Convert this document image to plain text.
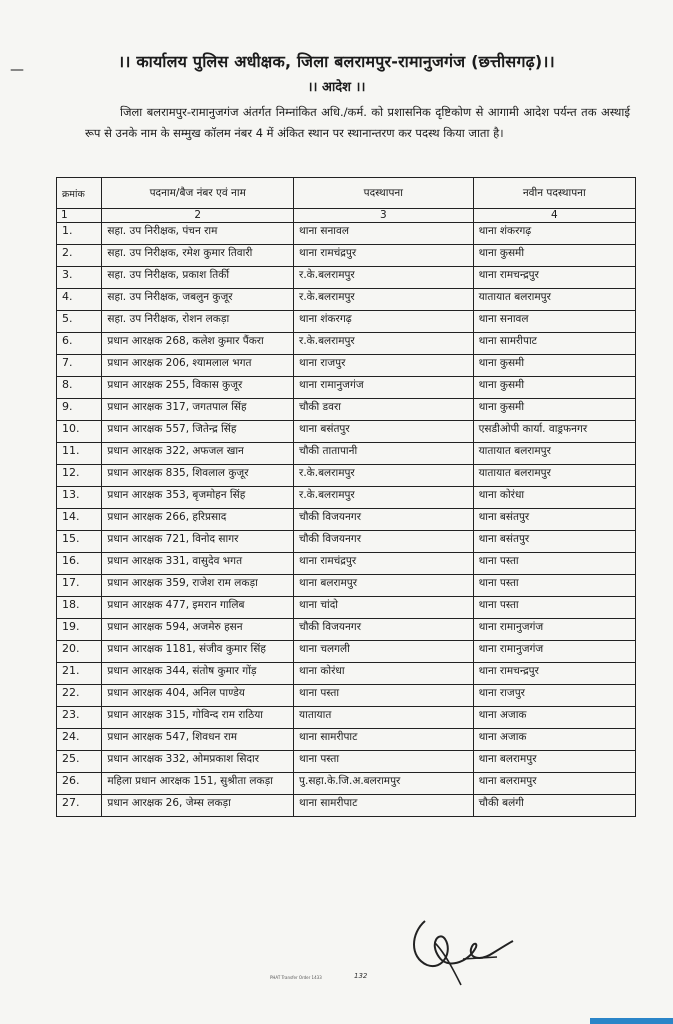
—	।। कार्यालय पुलिस अधीक्षक, जिला बलरामपुर-रामानुजगंज (छत्तीसगढ़)।।
।। आदेश ।।
जिला बलरामपुर-रामानुजगंज अंतर्गत निम्नांकित अधि./कर्म. को प्रशासनिक दृष्टिकोण से आगामी आदेश पर्यन्त तक अस्थाई रूप से उनके नाम के सम्मुख कॉलम नंबर 4 में अंकित स्थान पर स्थानान्तरण कर पदस्थ किया जाता है।
क्रमांक	पदनाम/बैज नंबर एवं नाम	पदस्थापना	नवीन पदस्थापना
1	2	3	4
1.	सहा. उप निरीक्षक, पंचन राम	थाना सनावल	थाना शंकरगढ़
2.	सहा. उप निरीक्षक, रमेश कुमार तिवारी	थाना रामचंद्रपुर	थाना कुसमी
3.	सहा. उप निरीक्षक, प्रकाश तिर्की	र.के.बलरामपुर	थाना रामचन्द्रपुर
4.	सहा. उप निरीक्षक, जबलुन कुजूर	र.के.बलरामपुर	यातायात बलरामपुर
5.	सहा. उप निरीक्षक, रोशन लकड़ा	थाना शंकरगढ़	थाना सनावल
6.	प्रधान आरक्षक 268, कलेश कुमार पैंकरा	र.के.बलरामपुर	थाना सामरीपाट
7.	प्रधान आरक्षक 206, श्यामलाल भगत	थाना राजपुर	थाना कुसमी
8.	प्रधान आरक्षक 255, विकास कुजूर	थाना रामानुजगंज	थाना कुसमी
9.	प्रधान आरक्षक 317, जगतपाल सिंह	चौकी डवरा	थाना कुसमी
10.	प्रधान आरक्षक 557, जितेन्द्र सिंह	थाना बसंतपुर	एसडीओपी कार्या. वाड्रफनगर
11.	प्रधान आरक्षक 322, अफजल खान	चौकी तातापानी	यातायात बलरामपुर
12.	प्रधान आरक्षक 835, शिवलाल कुजूर	र.के.बलरामपुर	यातायात बलरामपुर
13.	प्रधान आरक्षक 353, बृजमोहन सिंह	र.के.बलरामपुर	थाना कोरंधा
14.	प्रधान आरक्षक 266, हरिप्रसाद	चौकी विजयनगर	थाना बसंतपुर
15.	प्रधान आरक्षक 721, विनोद सागर	चौकी विजयनगर	थाना बसंतपुर
16.	प्रधान आरक्षक 331, वासुदेव भगत	थाना रामचंद्रपुर	थाना पस्ता
17.	प्रधान आरक्षक 359, राजेश राम लकड़ा	थाना बलरामपुर	थाना पस्ता
18.	प्रधान आरक्षक 477, इमरान गालिब	थाना चांदो	थाना पस्ता
19.	प्रधान आरक्षक 594, अजमेरु हसन	चौकी विजयनगर	थाना रामानुजगंज
20.	प्रधान आरक्षक 1181, संजीव कुमार सिंह	थाना चलगली	थाना रामानुजगंज
21.	प्रधान आरक्षक 344, संतोष कुमार गोंड़	थाना कोरंधा	थाना रामचन्द्रपुर
22.	प्रधान आरक्षक 404, अनिल पाण्डेय	थाना पस्ता	थाना राजपुर
23.	प्रधान आरक्षक 315, गोविन्द राम राठिया	यातायात	थाना अजाक
24.	प्रधान आरक्षक 547, शिवधन राम	थाना सामरीपाट	थाना अजाक
25.	प्रधान आरक्षक 332, ओमप्रकाश सिदार	थाना पस्ता	थाना बलरामपुर
26.	महिला प्रधान आरक्षक 151, सुश्रीता लकड़ा	पु.सहा.के.जि.अ.बलरामपुर	थाना बलरामपुर
27.	प्रधान आरक्षक 26, जेम्स लकड़ा	थाना सामरीपाट	चौकी बलंगी
PHAT Transfer Order 1433	132
